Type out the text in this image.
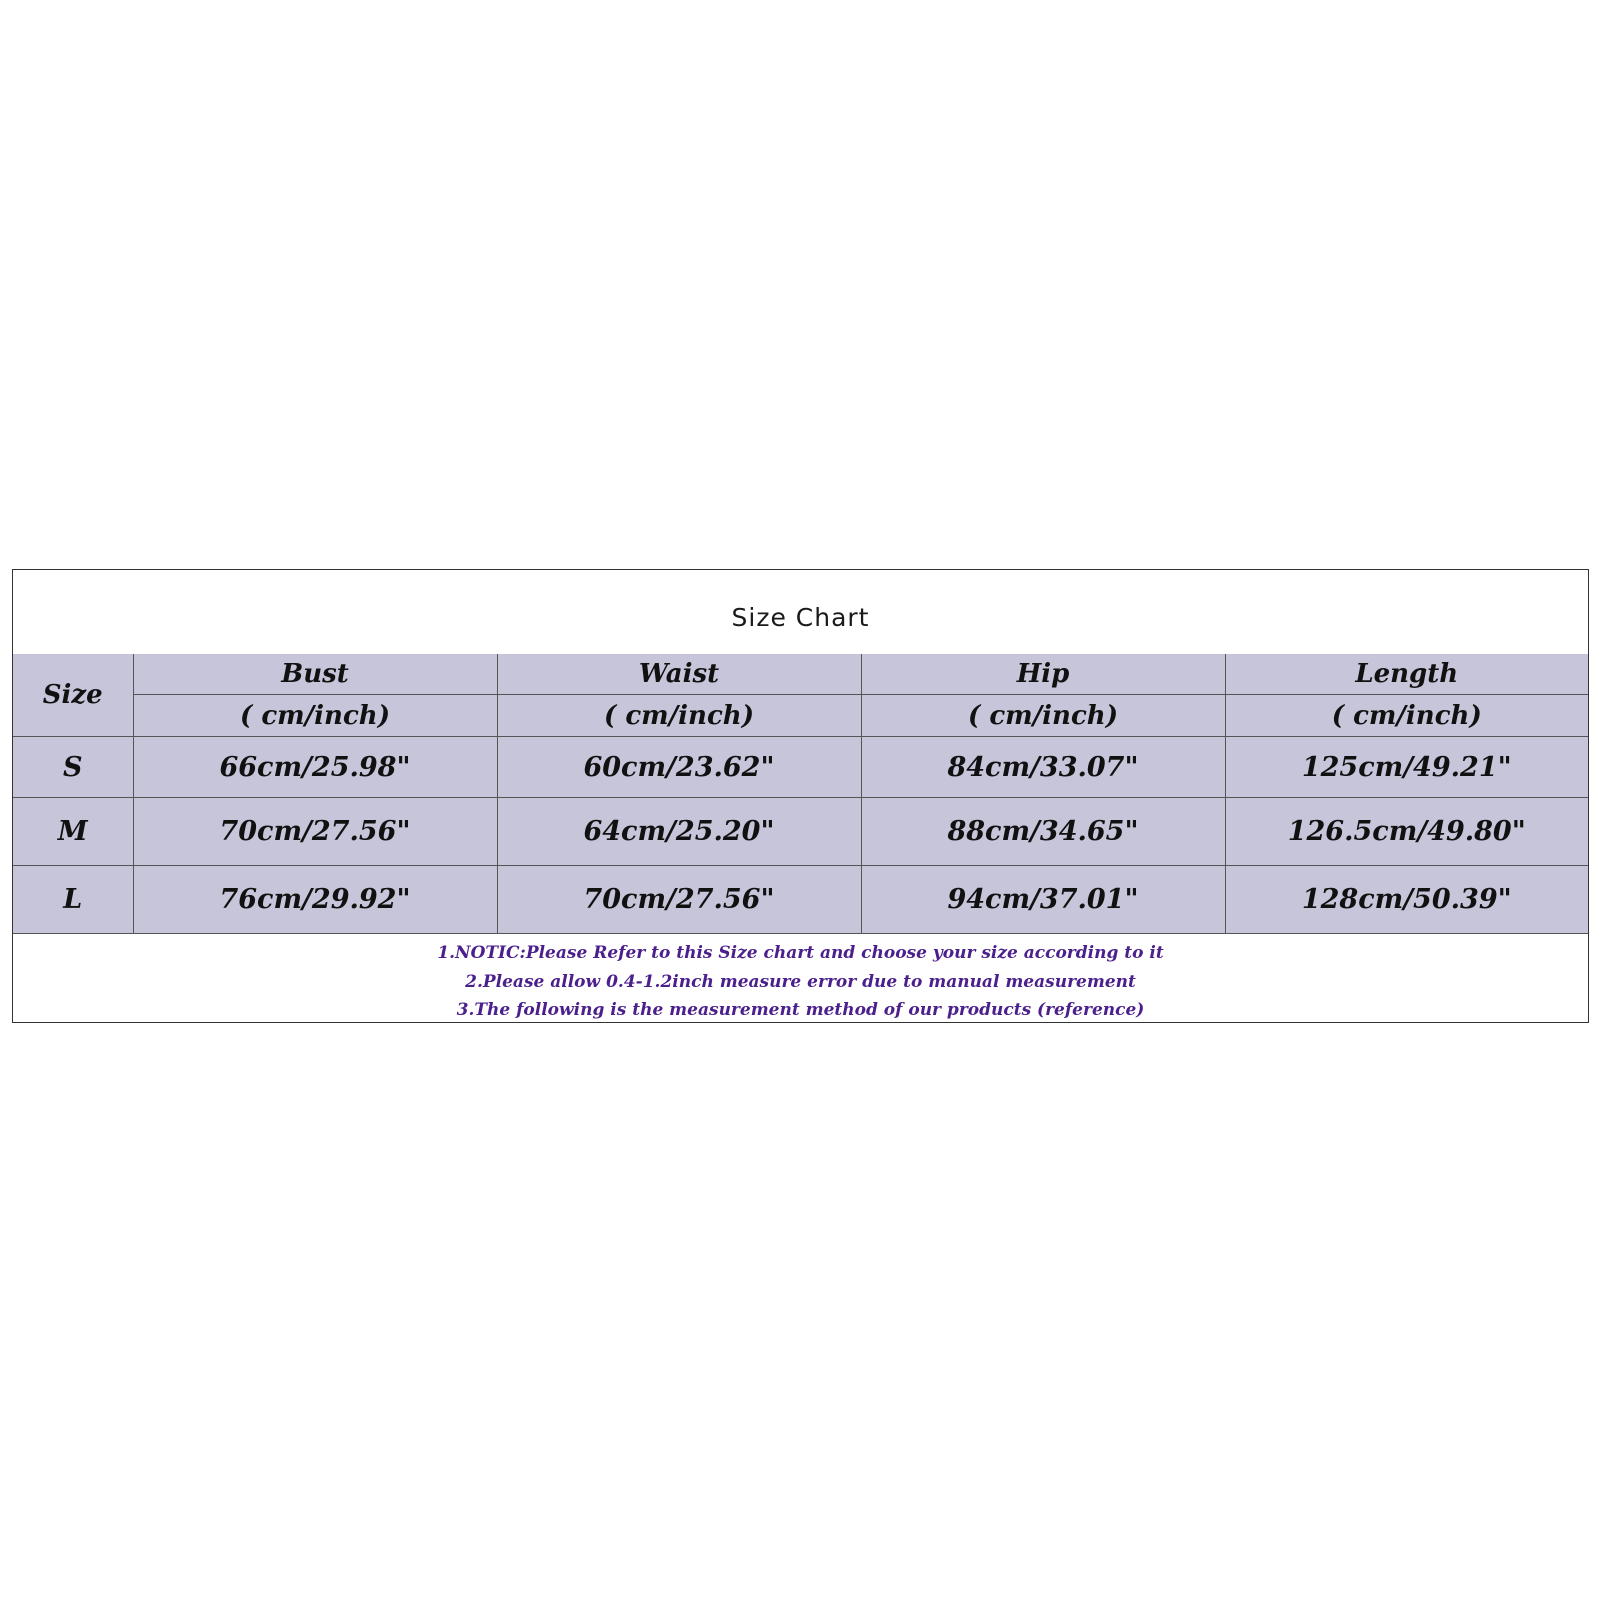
Size Chart
Size	Bust	Waist	Hip	Length
	( cm/inch)	( cm/inch)	( cm/inch)	( cm/inch)
S	66cm/25.98"	60cm/23.62"	84cm/33.07"	125cm/49.21"
M	70cm/27.56"	64cm/25.20"	88cm/34.65"	126.5cm/49.80"
L	76cm/29.92"	70cm/27.56"	94cm/37.01"	128cm/50.39"
1.NOTIC:Please Refer to this Size chart and choose your size according to it
2.Please allow 0.4-1.2inch measure error due to manual measurement
3.The following is the measurement method of our products (reference)
